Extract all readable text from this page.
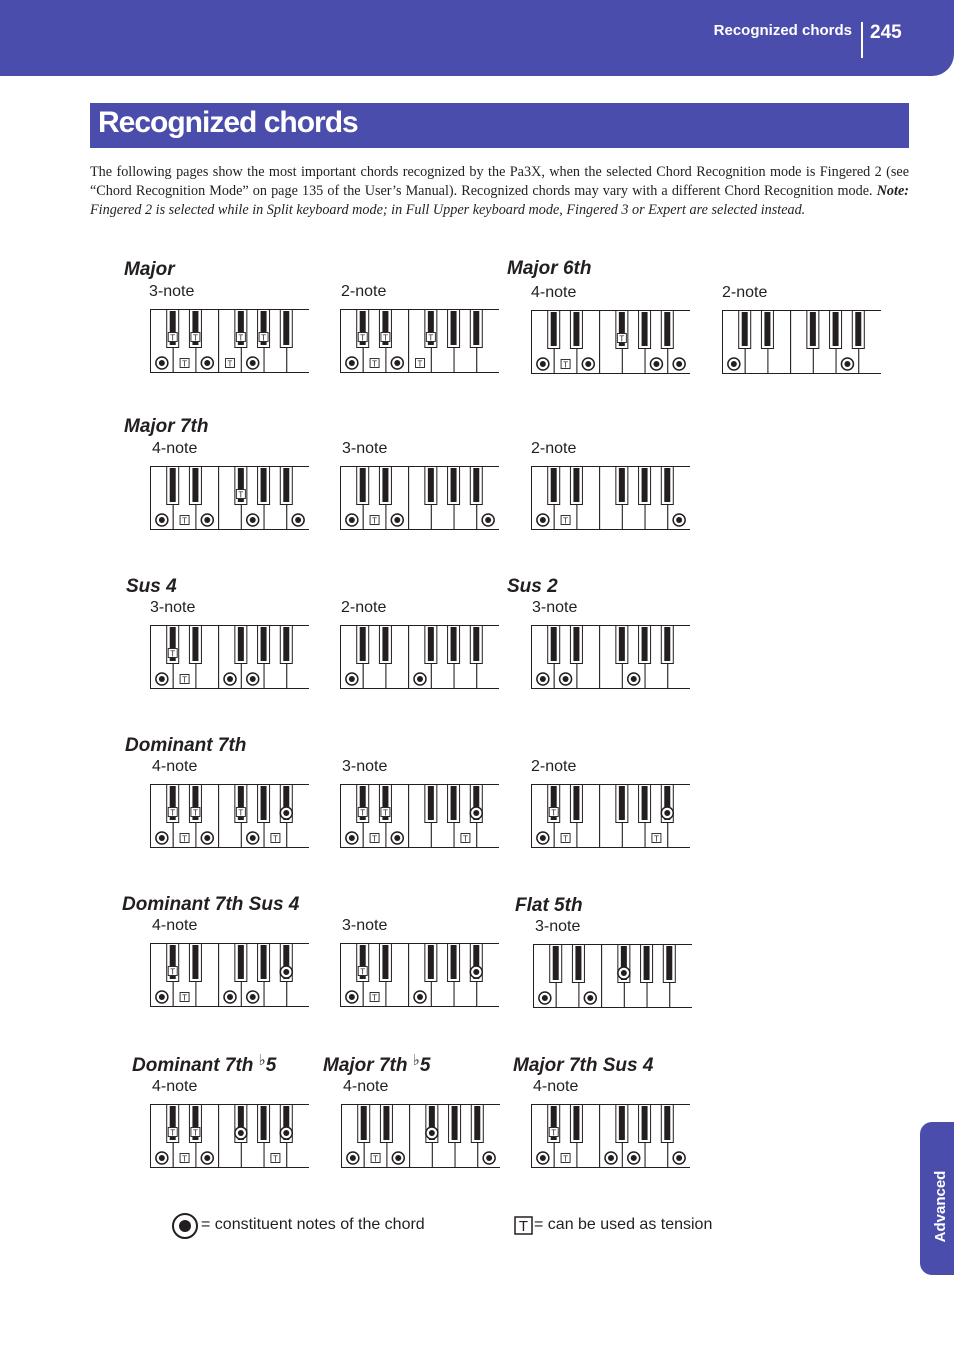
Recognized chords 245
Recognized chords
The following pages show the most important chords recognized by the Pa3X, when the selected Chord Recognition mode is Fingered 2 (see “Chord Recognition Mode” on page 135 of the User’s Manual). Recognized chords may vary with a different Chord Recognition mode. Note: Fingered 2 is selected while in Split keyboard mode; in Full Upper keyboard mode, Fingered 3 or Expert are selected instead.
Major
3-note
T
T
T
T
T T
2-note
T
T
T
T
T
Major 6th
4-note
T
T
2-note
Major 7th
4-note
T
T
3-note
T
2-note
T
Sus 4
3-note
T
T
2-note
Sus 2
3-note
Dominant 7th
4-note
T
T
T	T
T
3-note
T
T
T
T
2-note
T
T	T
Dominant 7th Sus 4
4-note
T
T
3-note
T
T
Flat 5th
3-note
Dominant 7th ♭5
4-note
T
T
T
T
Major 7th ♭5
4-note
T
Major 7th Sus 4
4-note
T
T
= constituent notes of the chord	T = can be used as tension	Advanced
